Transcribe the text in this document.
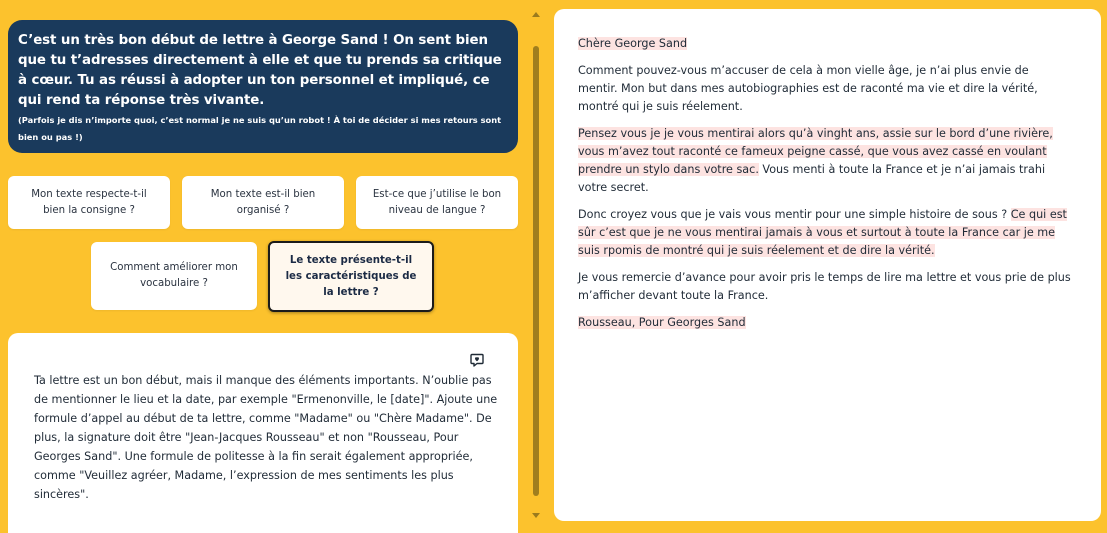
C’est un très bon début de lettre à George Sand ! On sent bien que tu t’adresses directement à elle et que tu prends sa critique à cœur. Tu as réussi à adopter un ton personnel et impliqué, ce qui rend ta réponse très vivante.
(Parfois je dis n’importe quoi, c’est normal je ne suis qu’un robot ! À toi de décider si mes retours sont bien ou pas !)
Mon texte respecte-t-il bien la consigne ?
Mon texte est-il bien organisé ?
Est-ce que j’utilise le bon niveau de langue ?
Comment améliorer mon vocabulaire ?
Le texte présente-t-il les caractéristiques de la lettre ?
Ta lettre est un bon début, mais il manque des éléments importants. N’oublie pas de mentionner le lieu et la date, par exemple "Ermenonville, le [date]". Ajoute une formule d’appel au début de ta lettre, comme "Madame" ou "Chère Madame". De plus, la signature doit être "Jean-Jacques Rousseau" et non "Rousseau, Pour Georges Sand". Une formule de politesse à la fin serait également appropriée, comme "Veuillez agréer, Madame, l’expression de mes sentiments les plus sincères".

Chère George Sand

Comment pouvez-vous m’accuser de cela à mon vielle âge, je n’ai plus envie de mentir. Mon but dans mes autobiographies est de raconté ma vie et dire la vérité, montré qui je suis réelement.

Pensez vous je je vous mentirai alors qu’à vinght ans, assie sur le bord d’une rivière, vous m’avez tout raconté ce fameux peigne cassé, que vous avez cassé en voulant prendre un stylo dans votre sac. Vous menti à toute la France et je n’ai jamais trahi votre secret.

Donc croyez vous que je vais vous mentir pour une simple histoire de sous ? Ce qui est sûr c’est que je ne vous mentirai jamais à vous et surtout à toute la France car je me suis rpomis de montré qui je suis réelement et de dire la vérité.

Je vous remercie d’avance pour avoir pris le temps de lire ma lettre et vous prie de plus m’afficher devant toute la France.

Rousseau, Pour Georges Sand
